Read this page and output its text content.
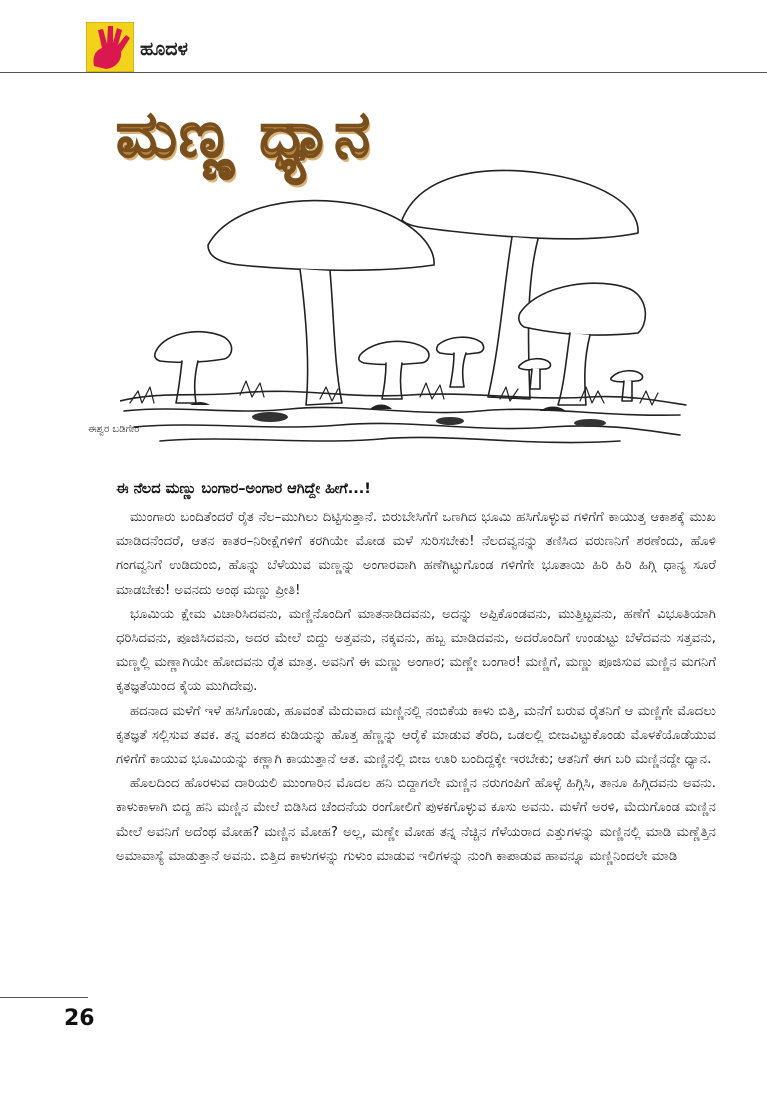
ಹೂದಳ
ಮಣ್ಣ ಧ್ಯಾನ
ಈಶ್ವರ ಬಡಿಗೇರ

ಈ ನೆಲದ ಮಣ್ಣು ಬಂಗಾರ–ಅಂಗಾರ ಆಗಿದ್ದೇ ಹೀಗೆ...!

ಮುಂಗಾರು ಬಂದಿತೆಂದರೆ ರೈತ ನೆಲ–ಮುಗಿಲು ದಿಟ್ಟಿಸುತ್ತಾನೆ. ಬಿರುಬೇಸಿಗೆಗೆ ಒಣಗಿದ ಭೂಮಿ ಹಸಿಗೊಳ್ಳುವ ಗಳಿಗೆಗೆ ಕಾಯುತ್ತ ಆಕಾಶಕ್ಕೆ ಮುಖ ಮಾಡಿದನೆಂದರೆ, ಆತನ ಕಾತರ–ನಿರೀಕ್ಷೆಗಳಿಗೆ ಕರಗಿಯೇ ಮೋಡ ಮಳೆ ಸುರಿಸಬೇಕು! ನೆಲದವ್ವನನ್ನು ತಣಿಸಿದ ವರುಣನಿಗೆ ಶರಣೆಂದು, ಹೊಳಿ ಗಂಗವ್ವನಿಗೆ ಉಡಿದುಂಬಿ, ಹೊನ್ನು ಬೆಳೆಯುವ ಮಣ್ಣನ್ನು ಅಂಗಾರವಾಗಿ ಹಣೆಗಿಟ್ಟುಗೊಂಡ ಗಳಿಗೆಗೇ ಭೂತಾಯಿ ಹಿರಿ ಹಿರಿ ಹಿಗ್ಗಿ ಧಾನ್ಯ ಸೂರೆ ಮಾಡಬೇಕು! ಅವನದು ಅಂಥ ಮಣ್ಣು ಪ್ರೀತಿ!

ಭೂಮಿಯ ಕ್ಷೇಮ ವಿಚಾರಿಸಿದವನು, ಮಣ್ಣಿನೊಂದಿಗೆ ಮಾತನಾಡಿದವನು, ಅದನ್ನು ಅಪ್ಪಿಕೊಂಡವನು, ಮುತ್ತಿಟ್ಟವನು, ಹಣೆಗೆ ವಿಭೂತಿಯಾಗಿ ಧರಿಸಿದವನು, ಪೂಜಿಸಿದವನು, ಅದರ ಮೇಲೆ ಬಿದ್ದು ಅತ್ತವನು, ನಕ್ಕವನು, ಹಬ್ಬ ಮಾಡಿದವನು, ಅದರೊಂದಿಗೆ ಉಂಡುಟ್ಟು ಬೆಳೆದವನು ಸತ್ತವನು, ಮಣ್ಣಲ್ಲಿ ಮಣ್ಣಾಗಿಯೇ ಹೋದವನು ರೈತ ಮಾತ್ರ. ಅವನಿಗೆ ಈ ಮಣ್ಣು ಅಂಗಾರ; ಮಣ್ಣೇ ಬಂಗಾರ! ಮಣ್ಣಿಗೆ, ಮಣ್ಣು ಪೂಜಿಸುವ ಮಣ್ಣಿನ ಮಗನಿಗೆ ಕೃತಜ್ಞತೆಯಿಂದ ಕೈಯ ಮುಗಿದೇವು.

ಹದನಾದ ಮಳೆಗೆ ಇಳೆ ಹಸಿಗೊಂಡು, ಹೂವಂತೆ ಮೆದುವಾದ ಮಣ್ಣಿನಲ್ಲಿ ನಂಬಿಕೆಯ ಕಾಳು ಬಿತ್ತಿ, ಮನೆಗೆ ಬರುವ ರೈತನಿಗೆ ಆ ಮಣ್ಣಿಗೇ ಮೊದಲು ಕೃತಜ್ಞತೆ ಸಲ್ಲಿಸುವ ತವಕ. ತನ್ನ ವಂಶದ ಕುಡಿಯನ್ನು ಹೊತ್ತ ಹೆಣ್ಣನ್ನು ಆರೈಕೆ ಮಾಡುವ ತೆರದಿ, ಒಡಲಲ್ಲಿ ಬೀಜವಿಟ್ಟುಕೊಂಡು ಮೊಳಕೆಯೊಡೆಯುವ ಗಳಿಗೆಗೆ ಕಾಯುವ ಭೂಮಿಯನ್ನು ಕಣ್ಣಾಗಿ ಕಾಯುತ್ತಾನೆ ಆತ. ಮಣ್ಣಿನಲ್ಲಿ ಬೀಜ ಊರಿ ಬಂದಿದ್ದಕ್ಕೇ ಇರಬೇಕು; ಆತನಿಗೆ ಈಗ ಬರಿ ಮಣ್ಣಿನದ್ದೇ ಧ್ಯಾನ.

ಹೊಲದಿಂದ ಹೊರಳುವ ದಾರಿಯಲಿ ಮುಂಗಾರಿನ ಮೊದಲ ಹನಿ ಬಿದ್ದಾಗಲೇ ಮಣ್ಣಿನ ನರುಗಂಪಿಗೆ ಹೊಳ್ಳೆ ಹಿಗ್ಗಿಸಿ, ತಾನೂ ಹಿಗ್ಗಿದವನು ಅವನು. ಕಾಳುಕಾಳಾಗಿ ಬಿದ್ದ ಹನಿ ಮಣ್ಣಿನ ಮೇಲೆ ಬಿಡಿಸಿದ ಚೆಂದನೆಯ ರಂಗೋಲಿಗೆ ಪುಳಕಗೊಳ್ಳುವ ಕೂಸು ಅವನು. ಮಳೆಗೆ ಅರಳಿ, ಮೆದುಗೊಂಡ ಮಣ್ಣಿನ ಮೇಲೆ ಅವನಿಗೆ ಅದೆಂಥ ಮೋಹ? ಮಣ್ಣಿನ ಮೋಹ? ಅಲ್ಲ, ಮಣ್ಣೇ ಮೋಹ ತನ್ನ ನೆಚ್ಚಿನ ಗೆಳೆಯರಾದ ಎತ್ತುಗಳನ್ನು ಮಣ್ಣಿನಲ್ಲಿ ಮಾಡಿ ಮಣ್ಣೆತ್ತಿನ ಅಮಾವಾಸ್ಯೆ ಮಾಡುತ್ತಾನೆ ಅವನು. ಬಿತ್ತಿದ ಕಾಳುಗಳನ್ನು ಗುಳುಂ ಮಾಡುವ ಇಲಿಗಳನ್ನು ನುಂಗಿ ಕಾಪಾಡುವ ಹಾವನ್ನೂ ಮಣ್ಣಿನಿಂದಲೇ ಮಾಡಿ

26
